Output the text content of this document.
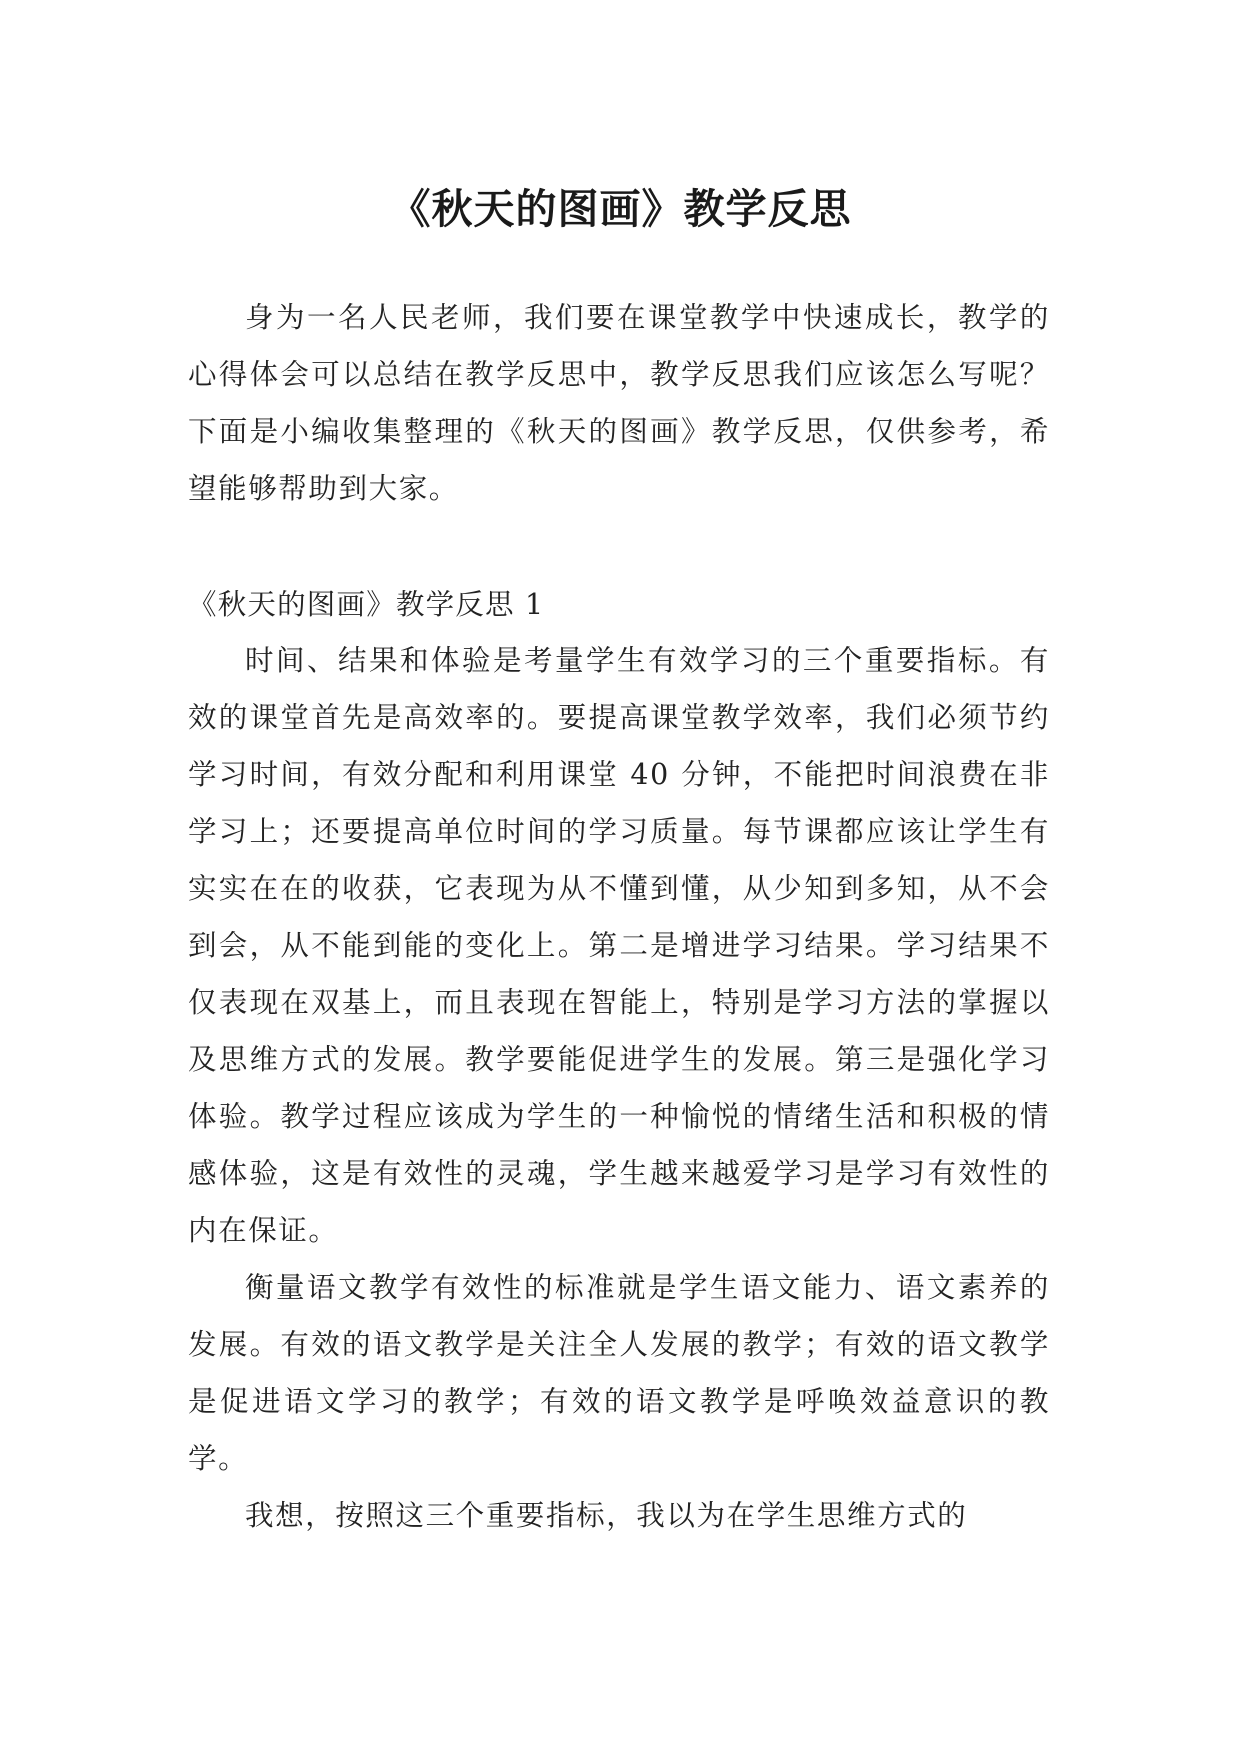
《秋天的图画》教学反思

身为一名人民老师，我们要在课堂教学中快速成长，教学的心得体会可以总结在教学反思中，教学反思我们应该怎么写呢？下面是小编收集整理的《秋天的图画》教学反思，仅供参考，希望能够帮助到大家。

《秋天的图画》教学反思 1

时间、结果和体验是考量学生有效学习的三个重要指标。有效的课堂首先是高效率的。要提高课堂教学效率，我们必须节约学习时间，有效分配和利用课堂 40 分钟，不能把时间浪费在非学习上；还要提高单位时间的学习质量。每节课都应该让学生有实实在在的收获，它表现为从不懂到懂，从少知到多知，从不会到会，从不能到能的变化上。第二是增进学习结果。学习结果不仅表现在双基上，而且表现在智能上，特别是学习方法的掌握以及思维方式的发展。教学要能促进学生的发展。第三是强化学习体验。教学过程应该成为学生的一种愉悦的情绪生活和积极的情感体验，这是有效性的灵魂，学生越来越爱学习是学习有效性的内在保证。

衡量语文教学有效性的标准就是学生语文能力、语文素养的发展。有效的语文教学是关注全人发展的教学；有效的语文教学是促进语文学习的教学；有效的语文教学是呼唤效益意识的教学。

我想，按照这三个重要指标，我以为在学生思维方式的
